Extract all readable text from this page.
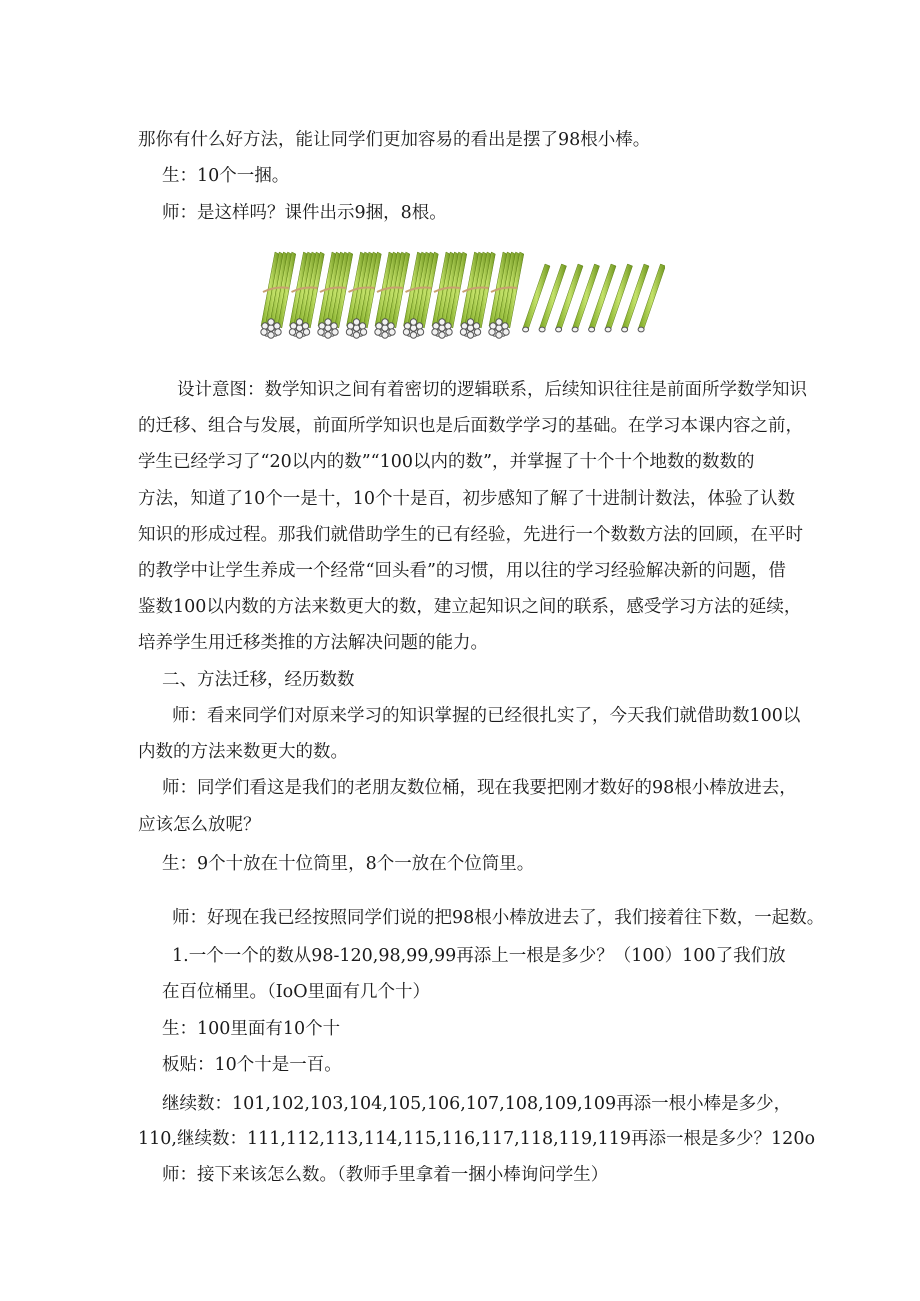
那你有什么好方法，能让同学们更加容易的看出是摆了98根小棒。
生：10个一捆。
师：是这样吗？课件出示9捆，8根。
设计意图：数学知识之间有着密切的逻辑联系，后续知识往往是前面所学数学知识
的迁移、组合与发展，前面所学知识也是后面数学学习的基础。在学习本课内容之前，
学生已经学习了“20以内的数”“100以内的数”，并掌握了十个十个地数的数数的
方法，知道了10个一是十，10个十是百，初步感知了解了十进制计数法，体验了认数
知识的形成过程。那我们就借助学生的已有经验，先进行一个数数方法的回顾，在平时
的教学中让学生养成一个经常“回头看”的习惯，用以往的学习经验解决新的问题，借
鉴数100以内数的方法来数更大的数，建立起知识之间的联系，感受学习方法的延续，
培养学生用迁移类推的方法解决问题的能力。
二、方法迁移，经历数数
师：看来同学们对原来学习的知识掌握的已经很扎实了，今天我们就借助数100以
内数的方法来数更大的数。
师：同学们看这是我们的老朋友数位桶，现在我要把刚才数好的98根小棒放进去，
应该怎么放呢？
生：9个十放在十位筒里，8个一放在个位筒里。
师：好现在我已经按照同学们说的把98根小棒放进去了，我们接着往下数，一起数。
1.一个一个的数从98-120,98,99,99再添上一根是多少？（100）100了我们放
在百位桶里。（IoO里面有几个十）
生：100里面有10个十
板贴：10个十是一百。
继续数：101,102,103,104,105,106,107,108,109,109再添一根小棒是多少，
110,继续数：111,112,113,114,115,116,117,118,119,119再添一根是多少？120o
师：接下来该怎么数。（教师手里拿着一捆小棒询问学生）
